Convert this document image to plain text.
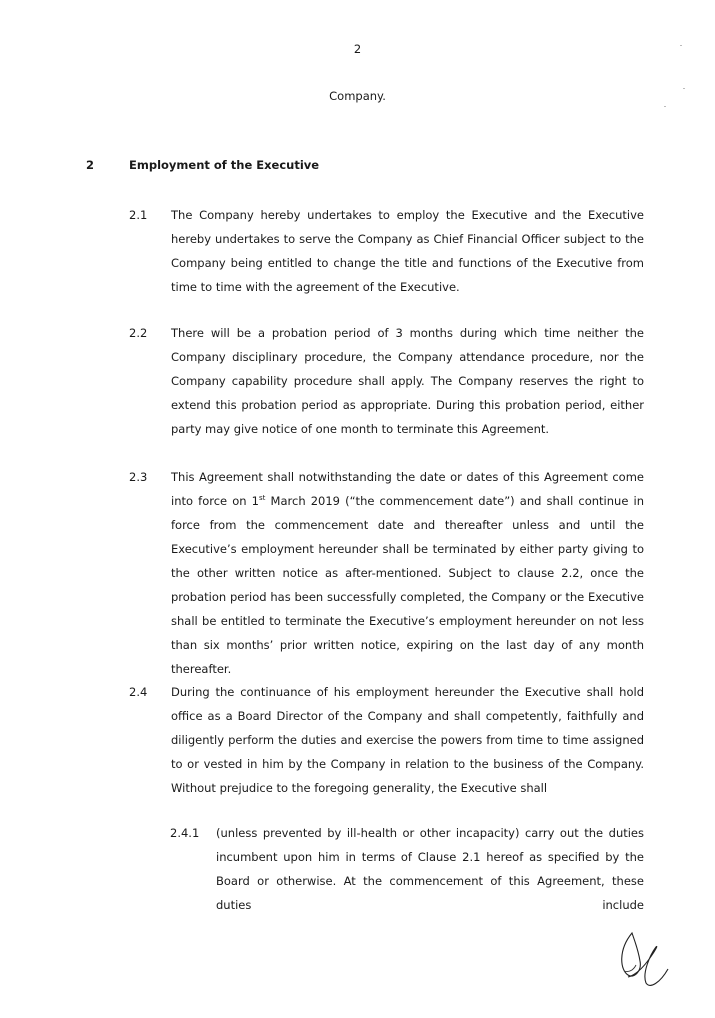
2
Company.
2	Employment of the Executive
2.1 The Company hereby undertakes to employ the Executive and the Executive hereby undertakes to serve the Company as Chief Financial Officer subject to the Company being entitled to change the title and functions of the Executive from time to time with the agreement of the Executive.
2.2 There will be a probation period of 3 months during which time neither the Company disciplinary procedure, the Company attendance procedure, nor the Company capability procedure shall apply. The Company reserves the right to extend this probation period as appropriate. During this probation period, either party may give notice of one month to terminate this Agreement.
2.3 This Agreement shall notwithstanding the date or dates of this Agreement come into force on 1st March 2019 (“the commencement date”) and shall continue in force from the commencement date and thereafter unless and until the Executive’s employment hereunder shall be terminated by either party giving to the other written notice as after-mentioned. Subject to clause 2.2, once the probation period has been successfully completed, the Company or the Executive shall be entitled to terminate the Executive’s employment hereunder on not less than six months’ prior written notice, expiring on the last day of any month thereafter.
2.4 During the continuance of his employment hereunder the Executive shall hold office as a Board Director of the Company and shall competently, faithfully and diligently perform the duties and exercise the powers from time to time assigned to or vested in him by the Company in relation to the business of the Company. Without prejudice to the foregoing generality, the Executive shall
2.4.1 (unless prevented by ill-health or other incapacity) carry out the duties incumbent upon him in terms of Clause 2.1 hereof as specified by the Board or otherwise. At the commencement of this Agreement, these duties include
